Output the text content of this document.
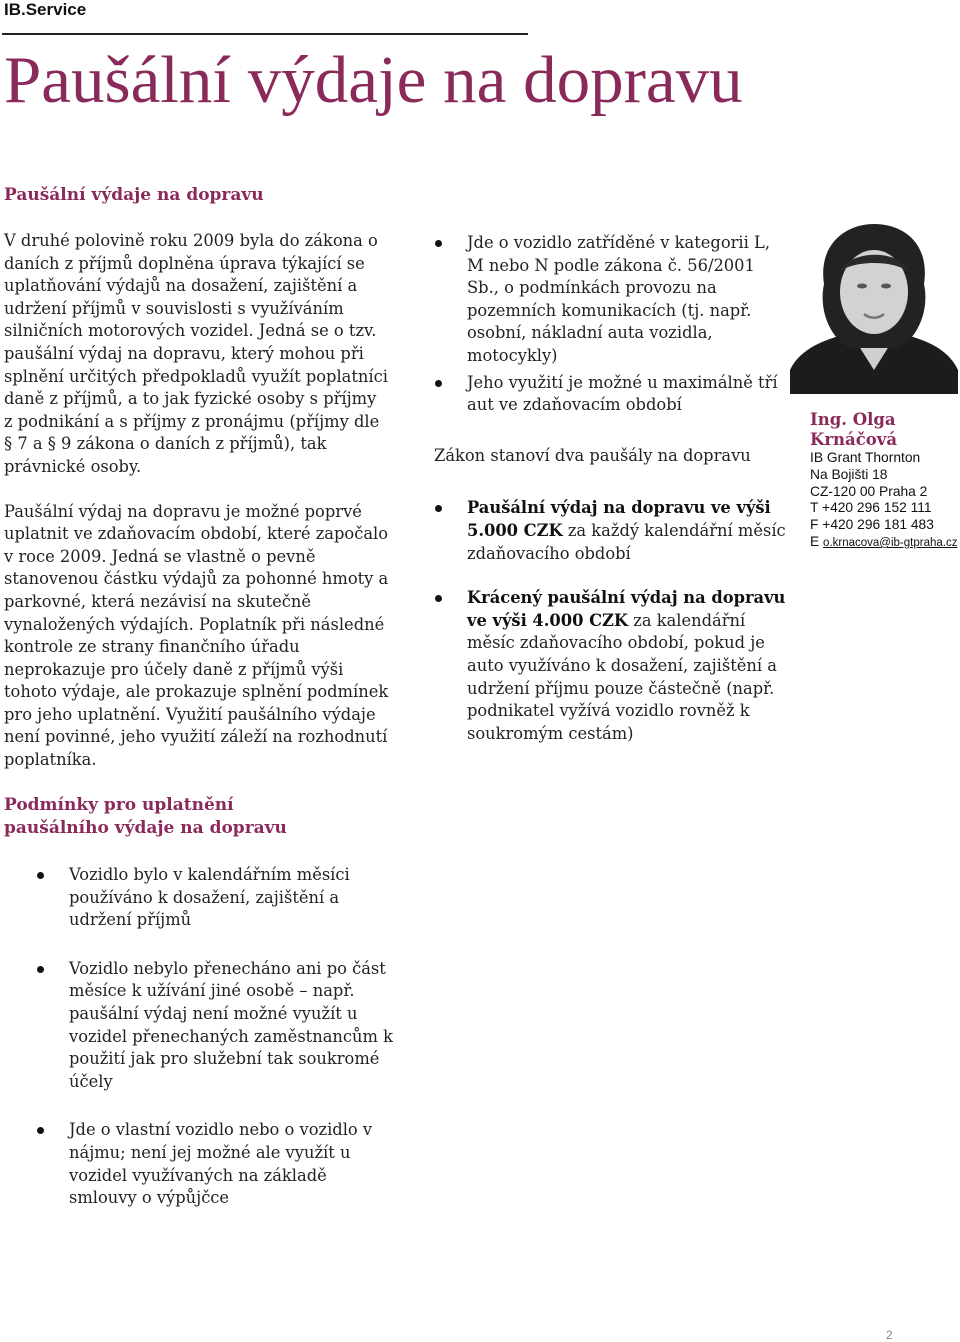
IB.Service
Paušální výdaje na dopravu
Paušální výdaje na dopravu

V druhé polovině roku 2009 byla do zákona o daních z příjmů doplněna úprava týkající se uplatňování výdajů na dosažení, zajištění a udržení příjmů v souvislosti s využíváním silničních motorových vozidel. Jedná se o tzv. paušální výdaj na dopravu, který mohou při splnění určitých předpokladů využít poplatníci daně z příjmů, a to jak fyzické osoby s příjmy z podnikání a s příjmy z pronájmu (příjmy dle § 7 a § 9 zákona o daních z příjmů), tak právnické osoby.

Paušální výdaj na dopravu je možné poprvé uplatnit ve zdaňovacím období, které započalo v roce 2009. Jedná se vlastně o pevně stanovenou částku výdajů za pohonné hmoty a parkovné, která nezávisí na skutečně vynaložených výdajích. Poplatník při následné kontrole ze strany finančního úřadu neprokazuje pro účely daně z příjmů výši tohoto výdaje, ale prokazuje splnění podmínek pro jeho uplatnění. Využití paušálního výdaje není povinné, jeho využití záleží na rozhodnutí poplatníka.

Jde o vozidlo zatříděné v kategorii L, M nebo N podle zákona č. 56/2001 Sb., o podmínkách provozu na pozemních komunikacích (tj. např. osobní, nákladní auta vozidla, motocykly)
Jeho využití je možné u maximálně tří aut ve zdaňovacím období
Zákon stanoví dva paušály na dopravu
Paušální výdaj na dopravu ve výši 5.000 CZK za každý kalendářní měsíc zdaňovacího období
Krácený paušální výdaj na dopravu ve výši 4.000 CZK za kalendářní měsíc zdaňovacího období, pokud je auto využíváno k dosažení, zajištění a udržení příjmu pouze částečně (např. podnikatel vyžívá vozidlo rovněž k soukromým cestám)
Ing. Olga
Krnáčová
IB Grant Thornton
Na Bojišti 18
CZ-120 00 Praha 2
T +420 296 152 111
F +420 296 181 483
E o.krnacova@ib-gtpraha.cz
Podmínky pro uplatnění
paušálního výdaje na dopravu
Vozidlo bylo v kalendářním měsíci používáno k dosažení, zajištění a udržení příjmů
Vozidlo nebylo přenecháno ani po část měsíce k užívání jiné osobě – např. paušální výdaj není možné využít u vozidel přenechaných zaměstnancům k použití jak pro služební tak soukromé účely
Jde o vlastní vozidlo nebo o vozidlo v nájmu; není jej možné ale využít u vozidel využívaných na základě smlouvy o výpůjčce
2
